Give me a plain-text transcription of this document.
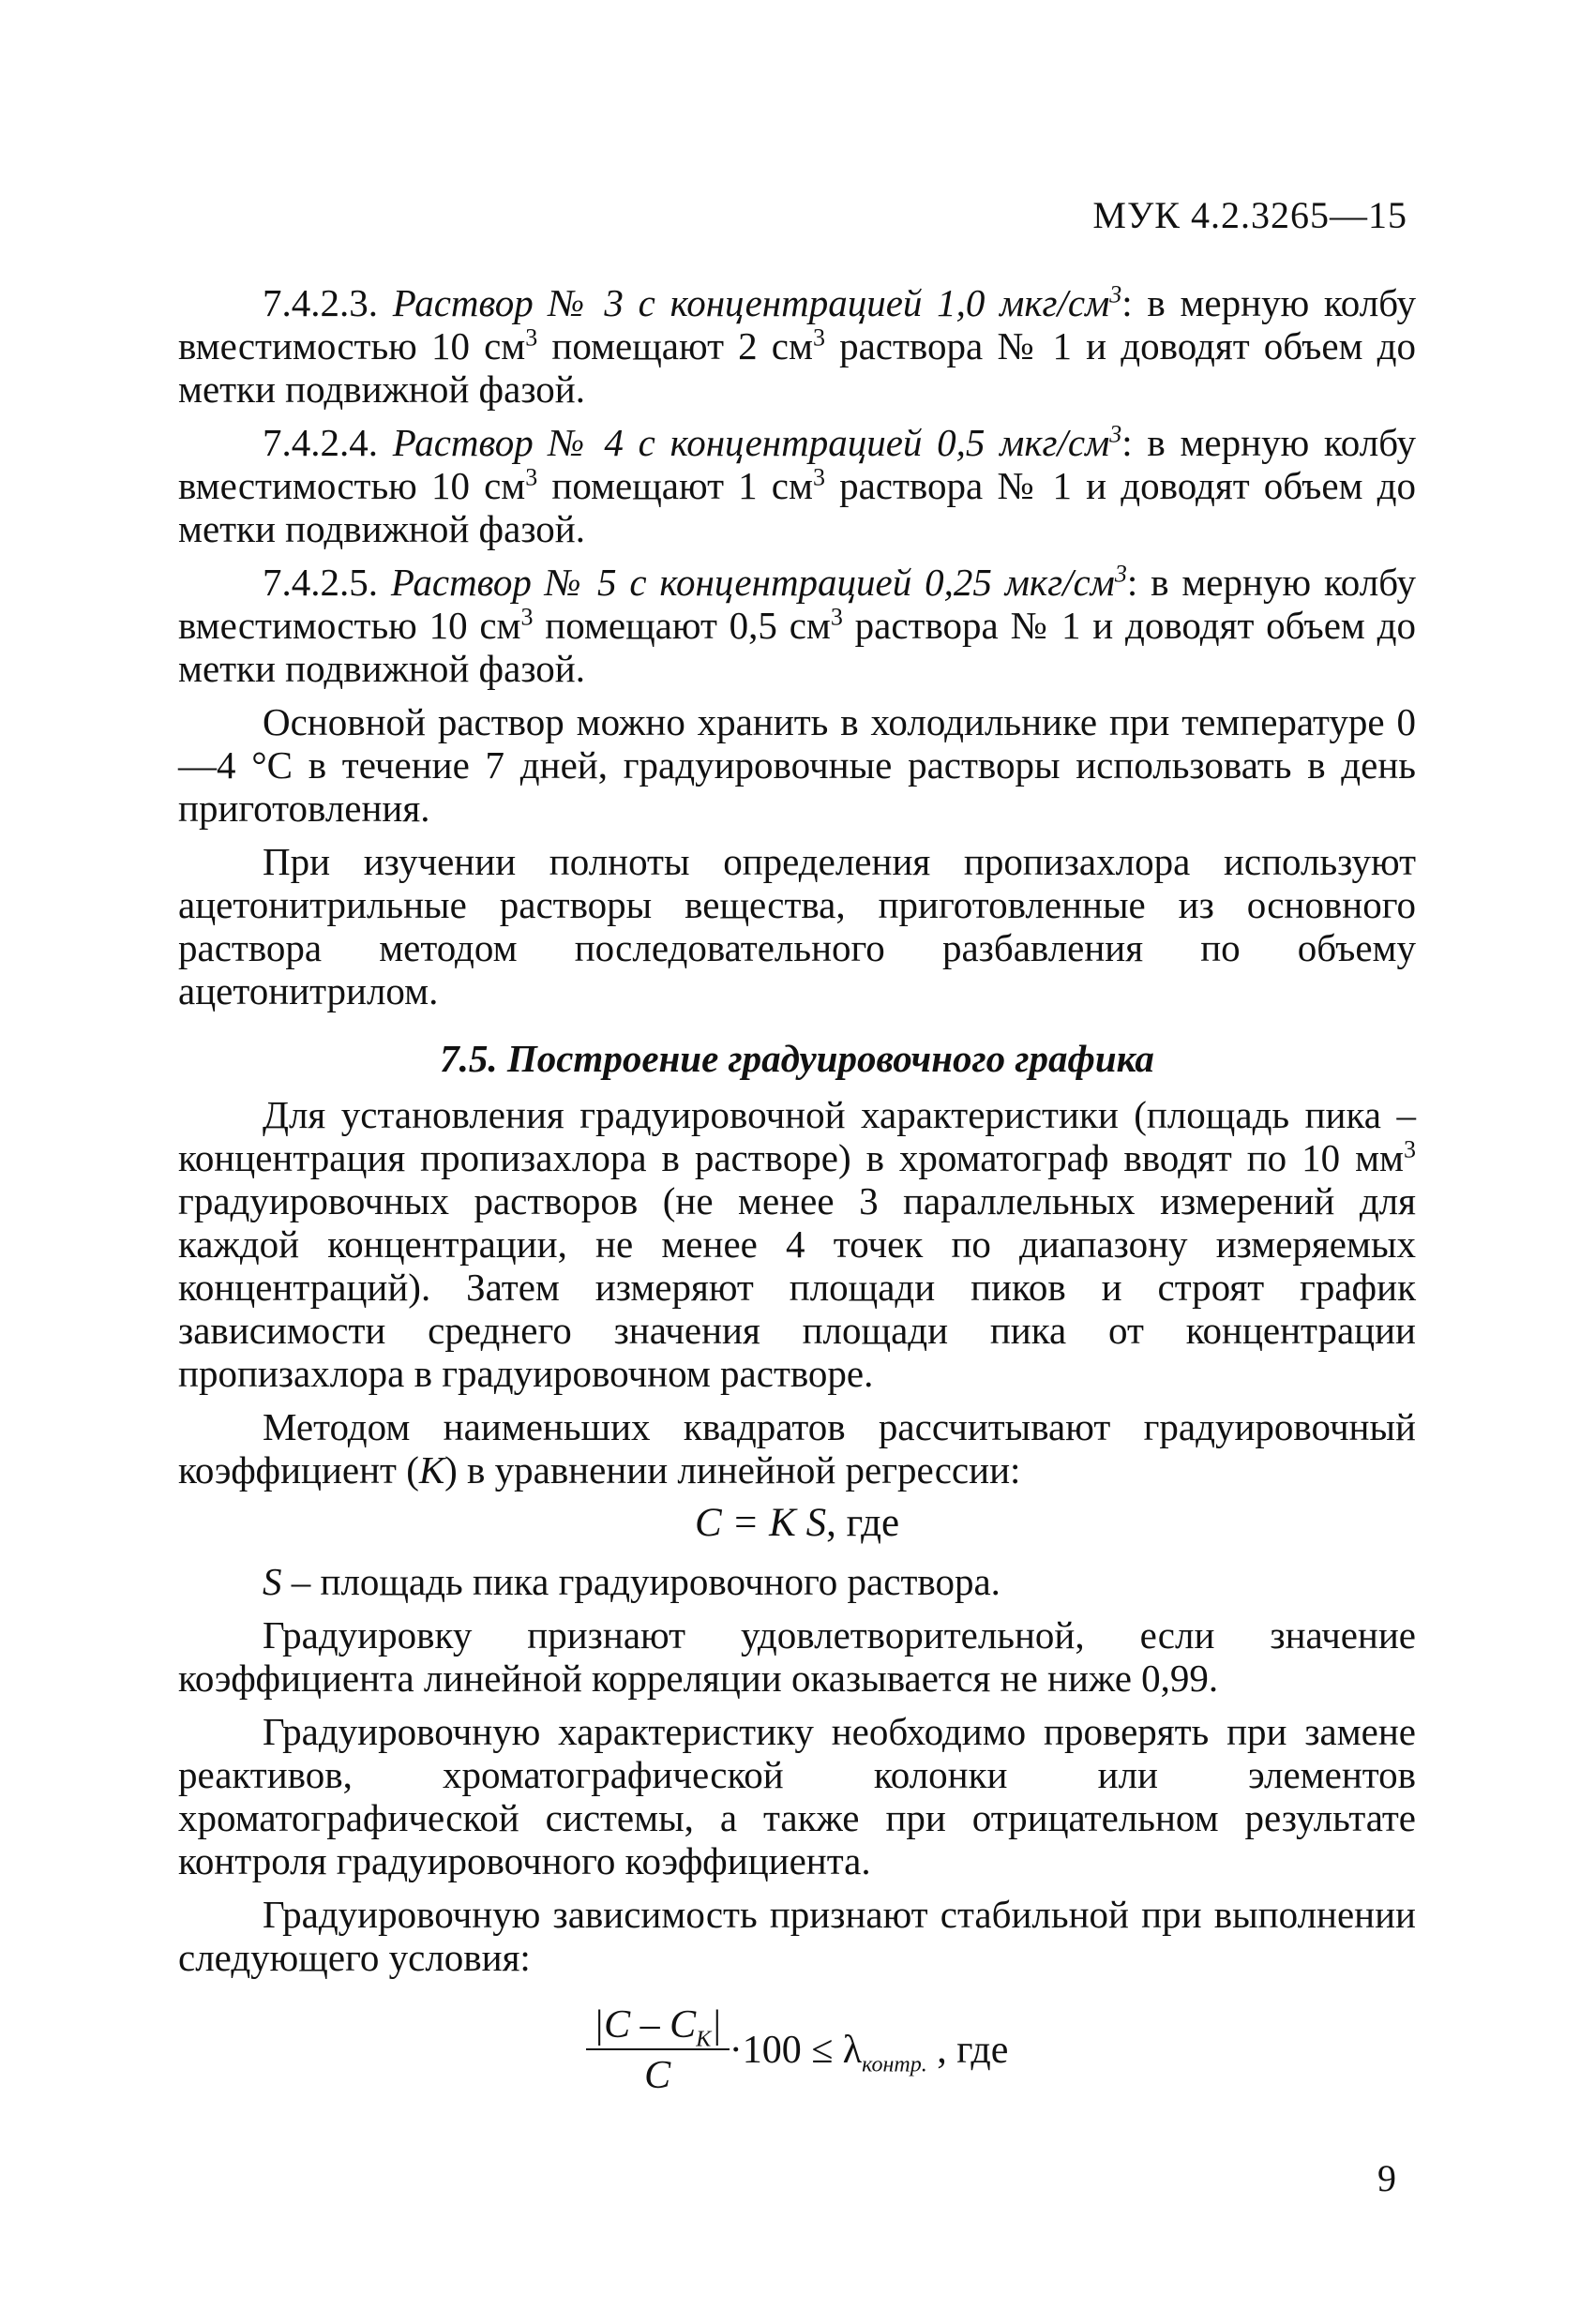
МУК 4.2.3265—15

7.4.2.3. Раствор № 3 с концентрацией 1,0 мкг/$см^3$: в мерную колбу вместимостью 10 $см^3$ помещают 2 $см^3$ раствора № 1 и доводят объем до метки подвижной фазой.

7.4.2.4. Раствор № 4 с концентрацией 0,5 мкг/$см^3$: в мерную колбу вместимостью 10 $см^3$ помещают 1 $см^3$ раствора № 1 и доводят объем до метки подвижной фазой.

7.4.2.5. Раствор № 5 с концентрацией 0,25 мкг/$см^3$: в мерную колбу вместимостью 10 $см^3$ помещают 0,5 $см^3$ раствора № 1 и доводят объем до метки подвижной фазой.

Основной раствор можно хранить в холодильнике при температуре 0—4 °С в течение 7 дней, градуировочные растворы использовать в день приготовления.

При изучении полноты определения пропизахлора используют ацетонитрильные растворы вещества, приготовленные из основного раствора методом последовательного разбавления по объему ацетонитрилом.

7.5. Построение градуировочного графика

Для установления градуировочной характеристики (площадь пика – концентрация пропизахлора в растворе) в хроматограф вводят по 10 $мм^3$ градуировочных растворов (не менее 3 параллельных измерений для каждой концентрации, не менее 4 точек по диапазону измеряемых концентраций). Затем измеряют площади пиков и строят график зависимости среднего значения площади пика от концентрации пропизахлора в градуировочном растворе.

Методом наименьших квадратов рассчитывают градуировочный коэффициент (К) в уравнении линейной регрессии:

C = K S, где

S – площадь пика градуировочного раствора.

Градуировку признают удовлетворительной, если значение коэффициента линейной корреляции оказывается не ниже 0,99.

Градуировочную характеристику необходимо проверять при замене реактивов, хроматографической колонки или элементов хроматографической системы, а также при отрицательном результате контроля градуировочного коэффициента.

Градуировочную зависимость признают стабильной при выполнении следующего условия:

$\frac{|C - C_K|}{C} \cdot 100 \le \lambda_{контр.}$ , где
9
